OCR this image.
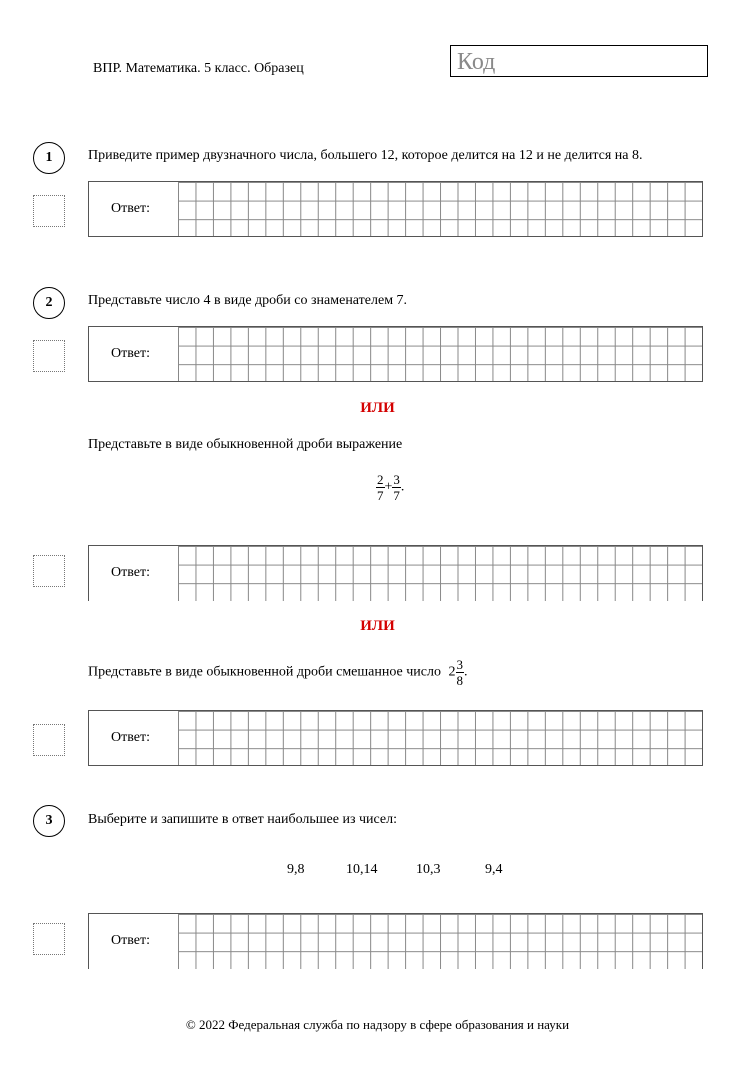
ВПР. Математика. 5 класс. Образец	Код
1	Приведите пример двузначного числа, большего 12, которое делится на 12 и не делится на 8.
Ответ:
2	Представьте число 4 в виде дроби со знаменателем 7.
Ответ:
ИЛИ
Представьте в виде обыкновенной дроби выражение
$\frac{2}{7} + \frac{3}{7}$ .
Ответ:
ИЛИ
Представьте в виде обыкновенной дроби смешанное число $2 \frac{3}{8}$ .
Ответ:
3	Выберите и запишите в ответ наибольшее из чисел:
9,8	10,14	10,3	9,4
Ответ:
© 2022 Федеральная служба по надзору в сфере образования и науки
